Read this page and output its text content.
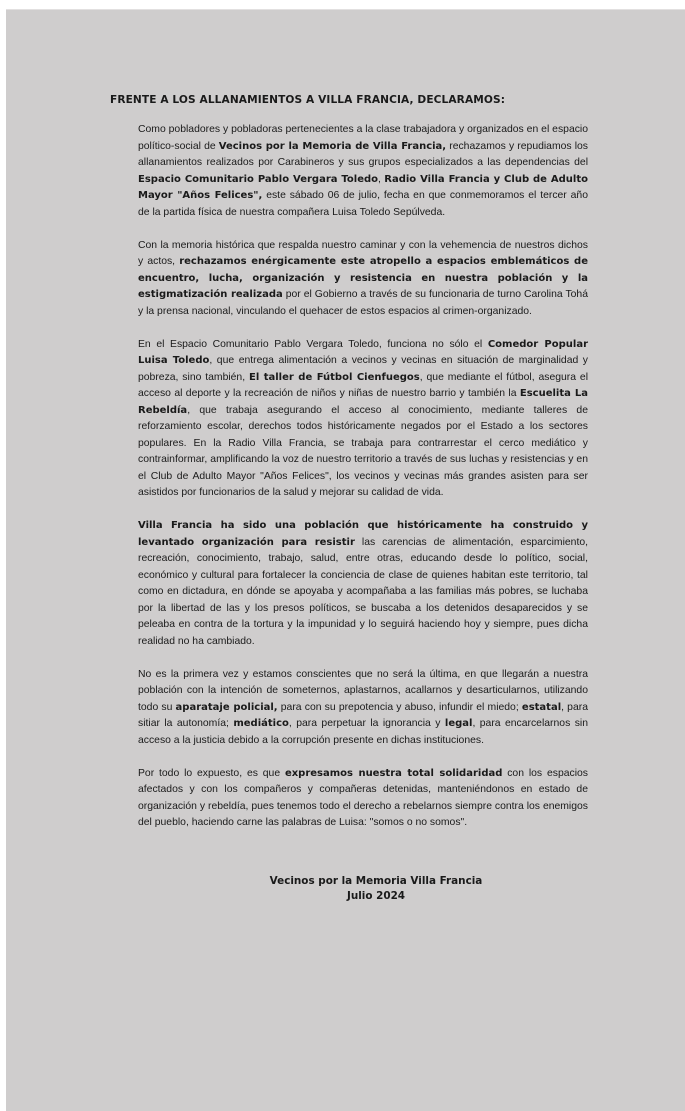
FRENTE A LOS ALLANAMIENTOS A VILLA FRANCIA, DECLARAMOS:

Como pobladores y pobladoras pertenecientes a la clase trabajadora y organizados en el espacio político-social de Vecinos por la Memoria de Villa Francia, rechazamos y repudiamos los allanamientos realizados por Carabineros y sus grupos especializados a las dependencias del Espacio Comunitario Pablo Vergara Toledo, Radio Villa Francia y Club de Adulto Mayor "Años Felices", este sábado 06 de julio, fecha en que conmemoramos el tercer año de la partida física de nuestra compañera Luisa Toledo Sepúlveda.

Con la memoria histórica que respalda nuestro caminar y con la vehemencia de nuestros dichos y actos, rechazamos enérgicamente este atropello a espacios emblemáticos de encuentro, lucha, organización y resistencia en nuestra población y la estigmatización realizada por el Gobierno a través de su funcionaria de turno Carolina Tohá y la prensa nacional, vinculando el quehacer de estos espacios al crimen-organizado.

En el Espacio Comunitario Pablo Vergara Toledo, funciona no sólo el Comedor Popular Luisa Toledo, que entrega alimentación a vecinos y vecinas en situación de marginalidad y pobreza, sino también, El taller de Fútbol Cienfuegos, que mediante el fútbol, asegura el acceso al deporte y la recreación de niños y niñas de nuestro barrio y también la Escuelita La Rebeldía, que trabaja asegurando el acceso al conocimiento, mediante talleres de reforzamiento escolar, derechos todos históricamente negados por el Estado a los sectores populares. En la Radio Villa Francia, se trabaja para contrarrestar el cerco mediático y contrainformar, amplificando la voz de nuestro territorio a través de sus luchas y resistencias y en el Club de Adulto Mayor "Años Felices", los vecinos y vecinas más grandes asisten para ser asistidos por funcionarios de la salud y mejorar su calidad de vida.

Villa Francia ha sido una población que históricamente ha construido y levantado organización para resistir las carencias de alimentación, esparcimiento, recreación, conocimiento, trabajo, salud, entre otras, educando desde lo político, social, económico y cultural para fortalecer la conciencia de clase de quienes habitan este territorio, tal como en dictadura, en dónde se apoyaba y acompañaba a las familias más pobres, se luchaba por la libertad de las y los presos políticos, se buscaba a los detenidos desaparecidos y se peleaba en contra de la tortura y la impunidad y lo seguirá haciendo hoy y siempre, pues dicha realidad no ha cambiado.

No es la primera vez y estamos conscientes que no será la última, en que llegarán a nuestra población con la intención de someternos, aplastarnos, acallarnos y desarticularnos, utilizando todo su aparataje policial, para con su prepotencia y abuso, infundir el miedo; estatal, para sitiar la autonomía; mediático, para perpetuar la ignorancia y legal, para encarcelarnos sin acceso a la justicia debido a la corrupción presente en dichas instituciones.

Por todo lo expuesto, es que expresamos nuestra total solidaridad con los espacios afectados y con los compañeros y compañeras detenidas, manteniéndonos en estado de organización y rebeldía, pues tenemos todo el derecho a rebelarnos siempre contra los enemigos del pueblo, haciendo carne las palabras de Luisa: "somos o no somos".

Vecinos por la Memoria Villa Francia
Julio 2024
